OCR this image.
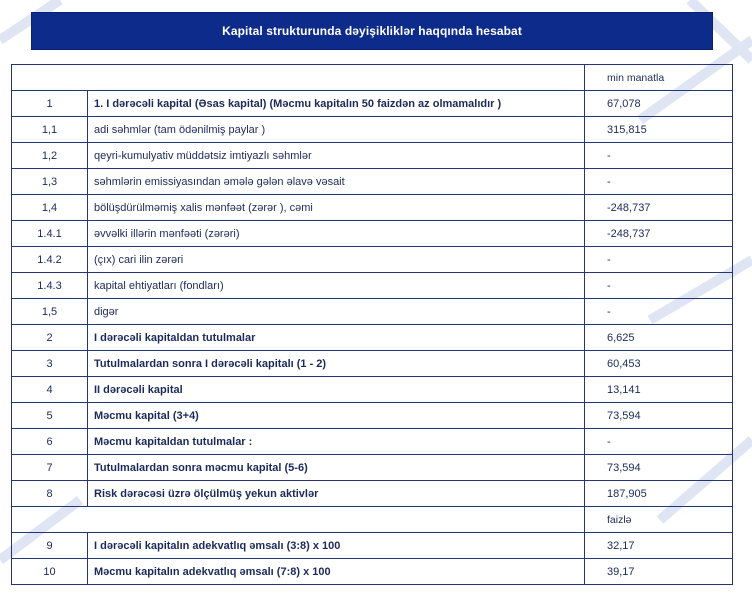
Kapital strukturunda dəyişikliklər haqqında hesabat
		min manatla
1	1. I dərəcəli kapital (Əsas kapital) (Məcmu kapitalın 50 faizdən az olmamalıdır )	67,078
1,1	adi səhmlər (tam ödənilmiş paylar )	315,815
1,2	qeyri-kumulyativ müddətsiz imtiyazlı səhmlər	-
1,3	səhmlərin emissiyasından əmələ gələn əlavə vəsait	-
1,4	bölüşdürülməmiş xalis mənfəət (zərər ), cəmi	-248,737
1.4.1	əvvəlki illərin mənfəəti (zərəri)	-248,737
1.4.2	(çıx) cari ilin zərəri	-
1.4.3	kapital ehtiyatları (fondları)	-
1,5	digər	-
2	I dərəcəli kapitaldan tutulmalar	6,625
3	Tutulmalardan sonra I dərəcəli kapitalı (1 - 2)	60,453
4	II dərəcəli kapital	13,141
5	Məcmu kapital (3+4)	73,594
6	Məcmu kapitaldan tutulmalar :	-
7	Tutulmalardan sonra məcmu kapital (5-6)	73,594
8	Risk dərəcəsi üzrə ölçülmüş yekun aktivlər	187,905
		faizlə
9	I dərəcəli kapitalın adekvatlıq əmsalı (3:8) x 100	32,17
10	Məcmu kapitalın adekvatlıq əmsalı (7:8) x 100	39,17
